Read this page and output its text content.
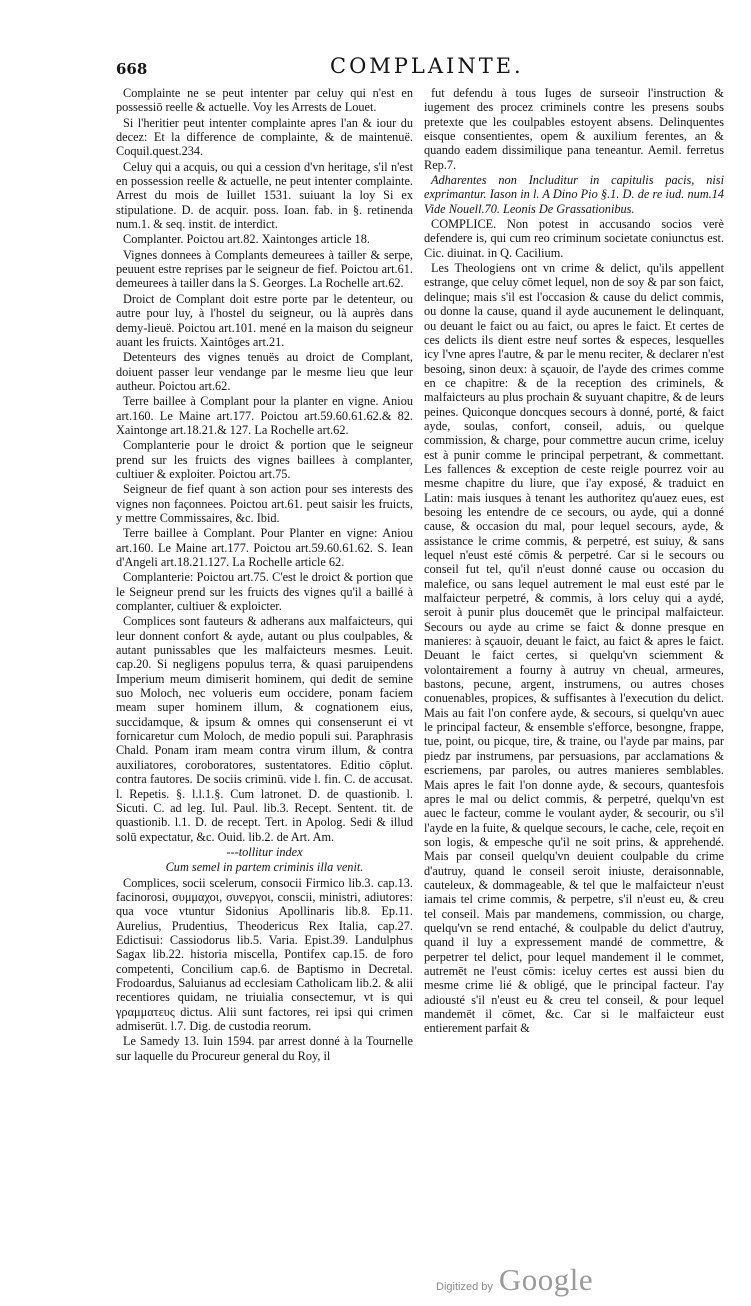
668	COMPLAINTE.

Complainte ne se peut intenter par celuy qui n'est en possessiō reelle & actuelle. Voy les Arrests de Louet.

Si l'heritier peut intenter complainte apres l'an & iour du decez: Et la difference de complainte, & de maintenuë. Coquil.quest.234.

Celuy qui a acquis, ou qui a cession d'vn heritage, s'il n'est en possession reelle & actuelle, ne peut intenter complainte. Arrest du mois de Iuillet 1531. suiuant la loy Si ex stipulatione. D. de acquir. poss. Ioan. fab. in §. retinenda num.1. & seq. instit. de interdict.

Complanter. Poictou art.82. Xaintonges article 18.

Vignes donnees à Complants demeurees à tailler & serpe, peuuent estre reprises par le seigneur de fief. Poictou art.61. demeurees à tailler dans la S. Georges. La Rochelle art.62.

Droict de Complant doit estre porte par le detenteur, ou autre pour luy, à l'hostel du seigneur, ou là auprès dans demy-lieuë. Poictou art.101. mené en la maison du seigneur auant les fruicts. Xaintôges art.21.

Detenteurs des vignes tenuës au droict de Complant, doiuent passer leur vendange par le mesme lieu que leur autheur. Poictou art.62.

Terre baillee à Complant pour la planter en vigne. Aniou art.160. Le Maine art.177. Poictou art.59.60.61.62.& 82. Xaintonge art.18.21.& 127. La Rochelle art.62.

Complanterie pour le droict & portion que le seigneur prend sur les fruicts des vignes baillees à complanter, cultiuer & exploiter. Poictou art.75.

Seigneur de fief quant à son action pour ses interests des vignes non façonnees. Poictou art.61. peut saisir les fruicts, y mettre Commissaires, &c. Ibid.

Terre baillee à Complant. Pour Planter en vigne: Aniou art.160. Le Maine art.177. Poictou art.59.60.61.62. S. Iean d'Angeli art.18.21.127. La Rochelle article 62.

Complanterie: Poictou art.75. C'est le droict & portion que le Seigneur prend sur les fruicts des vignes qu'il a baillé à complanter, cultiuer & exploicter.

Complices sont fauteurs & adherans aux malfaicteurs, qui leur donnent confort & ayde, autant ou plus coulpables, & autant punissables que les malfaicteurs mesmes. Leuit. cap.20. Si negligens populus terra, & quasi paruipendens Imperium meum dimiserit hominem, qui dedit de semine suo Moloch, nec volueris eum occidere, ponam faciem meam super hominem illum, & cognationem eius, succidamque, & ipsum & omnes qui consenserunt ei vt fornicaretur cum Moloch, de medio populi sui. Paraphrasis Chald. Ponam iram meam contra virum illum, & contra auxiliatores, coroboratores, sustentatores. Editio cōplut. contra fautores. De sociis criminū. vide l. fin. C. de accusat. l. Repetis. §. l.l.1.§. Cum latronet. D. de quastionib. l. Sicuti. C. ad leg. Iul. Paul. lib.3. Recept. Sentent. tit. de quastionib. l.1. D. de recept. Tert. in Apolog. Sedi & illud solū expectatur, &c. Ouid. lib.2. de Art. Am.

---tollitur index

Cum semel in partem criminis illa venit.

Complices, socii scelerum, consocii Firmico lib.3. cap.13. facinorosi, συμμαχοι, συνεργοι, conscii, ministri, adiutores: qua voce vtuntur Sidonius Apollinaris lib.8. Ep.11. Aurelius, Prudentius, Theodericus Rex Italia, cap.27. Edictisui: Cassiodorus lib.5. Varia. Epist.39. Landulphus Sagax lib.22. historia miscella, Pontifex cap.15. de foro competenti, Concilium cap.6. de Baptismo in Decretal. Frodoardus, Saluianus ad ecclesiam Catholicam lib.2. & alii recentiores quidam, ne triuialia consectemur, vt is qui γραμματευς dictus. Alii sunt factores, rei ipsi qui crimen admiserūt. l.7. Dig. de custodia reorum.

Le Samedy 13. Iuin 1594. par arrest donné à la Tournelle sur laquelle du Procureur general du Roy, il

fut defendu à tous Iuges de surseoir l'instruction & iugement des procez criminels contre les presens soubs pretexte que les coulpables estoyent absens. Delinquentes eisque consentientes, opem & auxilium ferentes, an & quando eadem dissimilique pana teneantur. Aemil. ferretus Rep.7.

Adharentes non Includitur in capitulis pacis, nisi exprimantur. Iason in l. A Dino Pio §.1. D. de re iud. num.14 Vide Nouell.70. Leonis De Grassationibus.

COMPLICE. Non potest in accusando socios verè defendere is, qui cum reo criminum societate coniunctus est. Cic. diuinat. in Q. Cacilium.

Les Theologiens ont vn crime & delict, qu'ils appellent estrange, que celuy cōmet lequel, non de soy & par son faict, delinque; mais s'il est l'occasion & cause du delict commis, ou donne la cause, quand il ayde aucunement le delinquant, ou deuant le faict ou au faict, ou apres le faict. Et certes de ces delicts ils dient estre neuf sortes & especes, lesquelles icy l'vne apres l'autre, & par le menu reciter, & declarer n'est besoing, sinon deux: à sçauoir, de l'ayde des crimes comme en ce chapitre: & de la reception des criminels, & malfaicteurs au plus prochain & suyuant chapitre, & de leurs peines. Quiconque doncques secours à donné, porté, & faict ayde, soulas, confort, conseil, aduis, ou quelque commission, & charge, pour commettre aucun crime, iceluy est à punir comme le principal perpetrant, & commettant. Les fallences & exception de ceste reigle pourrez voir au mesme chapitre du liure, que i'ay exposé, & traduict en Latin: mais iusques à tenant les authoritez qu'auez eues, est besoing les entendre de ce secours, ou ayde, qui a donné cause, & occasion du mal, pour lequel secours, ayde, & assistance le crime commis, & perpetré, est suiuy, & sans lequel n'eust esté cōmis & perpetré. Car si le secours ou conseil fut tel, qu'il n'eust donné cause ou occasion du malefice, ou sans lequel autrement le mal eust esté par le malfaicteur perpetré, & commis, à lors celuy qui a aydé, seroit à punir plus doucemēt que le principal malfaicteur. Secours ou ayde au crime se faict & donne presque en manieres: à sçauoir, deuant le faict, au faict & apres le faict. Deuant le faict certes, si quelqu'vn sciemment & volontairement a fourny à autruy vn cheual, armeures, bastons, pecune, argent, instrumens, ou autres choses conuenables, propices, & suffisantes à l'execution du delict. Mais au fait l'on confere ayde, & secours, si quelqu'vn auec le principal facteur, & ensemble s'efforce, besongne, frappe, tue, point, ou picque, tire, & traine, ou l'ayde par mains, par piedz par instrumens, par persuasions, par acclamations & escriemens, par paroles, ou autres manieres semblables. Mais apres le fait l'on donne ayde, & secours, quantesfois apres le mal ou delict commis, & perpetré, quelqu'vn est auec le facteur, comme le voulant ayder, & secourir, ou s'il l'ayde en la fuite, & quelque secours, le cache, cele, reçoit en son logis, & empesche qu'il ne soit prins, & apprehendé. Mais par conseil quelqu'vn deuient coulpable du crime d'autruy, quand le conseil seroit iniuste, deraisonnable, cauteleux, & dommageable, & tel que le malfaicteur n'eust iamais tel crime commis, & perpetre, s'il n'eust eu, & creu tel conseil. Mais par mandemens, commission, ou charge, quelqu'vn se rend entaché, & coulpable du delict d'autruy, quand il luy a expressement mandé de commettre, & perpetrer tel delict, pour lequel mandement il le commet, autremēt ne l'eust cōmis: iceluy certes est aussi bien du mesme crime lié & obligé, que le principal facteur. I'ay adiousté s'il n'eust eu & creu tel conseil, & pour lequel mandemēt il cōmet, &c. Car si le malfaicteur eust entierement parfait &

Digitized by Google
